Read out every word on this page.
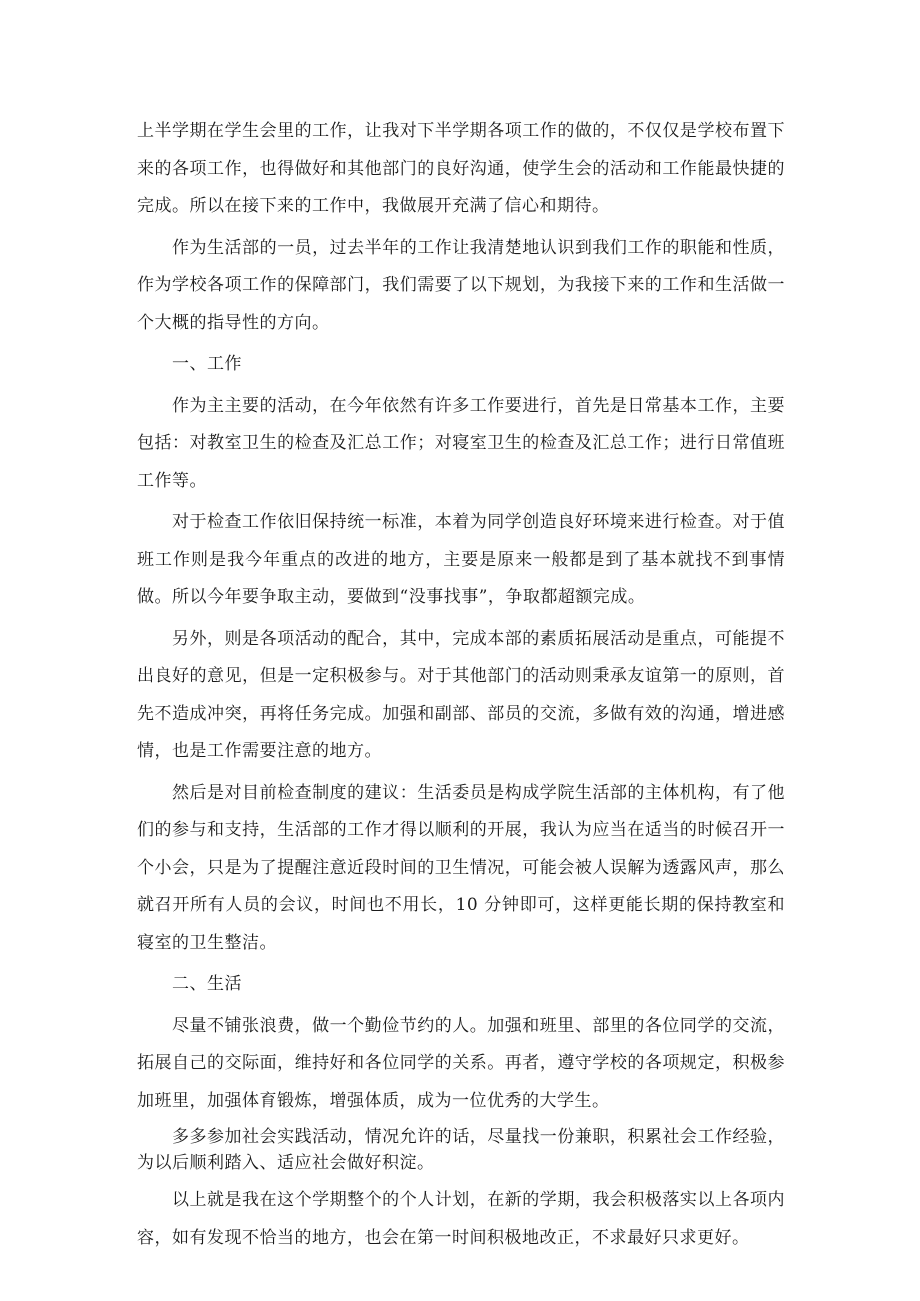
上半学期在学生会里的工作，让我对下半学期各项工作的做的，不仅仅是学校布置下来的各项工作，也得做好和其他部门的良好沟通，使学生会的活动和工作能最快捷的完成。所以在接下来的工作中，我做展开充满了信心和期待。

作为生活部的一员，过去半年的工作让我清楚地认识到我们工作的职能和性质，作为学校各项工作的保障部门，我们需要了以下规划，为我接下来的工作和生活做一个大概的指导性的方向。

一、工作

作为主主要的活动，在今年依然有许多工作要进行，首先是日常基本工作，主要包括：对教室卫生的检查及汇总工作；对寝室卫生的检查及汇总工作；进行日常值班工作等。

对于检查工作依旧保持统一标准，本着为同学创造良好环境来进行检查。对于值班工作则是我今年重点的改进的地方，主要是原来一般都是到了基本就找不到事情做。所以今年要争取主动，要做到“没事找事”，争取都超额完成。

另外，则是各项活动的配合，其中，完成本部的素质拓展活动是重点，可能提不出良好的意见，但是一定积极参与。对于其他部门的活动则秉承友谊第一的原则，首先不造成冲突，再将任务完成。加强和副部、部员的交流，多做有效的沟通，增进感情，也是工作需要注意的地方。

然后是对目前检查制度的建议：生活委员是构成学院生活部的主体机构，有了他们的参与和支持，生活部的工作才得以顺利的开展，我认为应当在适当的时候召开一个小会，只是为了提醒注意近段时间的卫生情况，可能会被人误解为透露风声，那么就召开所有人员的会议，时间也不用长，10 分钟即可，这样更能长期的保持教室和寝室的卫生整洁。

二、生活

尽量不铺张浪费，做一个勤俭节约的人。加强和班里、部里的各位同学的交流，拓展自己的交际面，维持好和各位同学的关系。再者，遵守学校的各项规定，积极参加班里，加强体育锻炼，增强体质，成为一位优秀的大学生。

多多参加社会实践活动，情况允许的话，尽量找一份兼职，积累社会工作经验，为以后顺利踏入、适应社会做好积淀。

以上就是我在这个学期整个的个人计划，在新的学期，我会积极落实以上各项内容，如有发现不恰当的地方，也会在第一时间积极地改正，不求最好只求更好。
